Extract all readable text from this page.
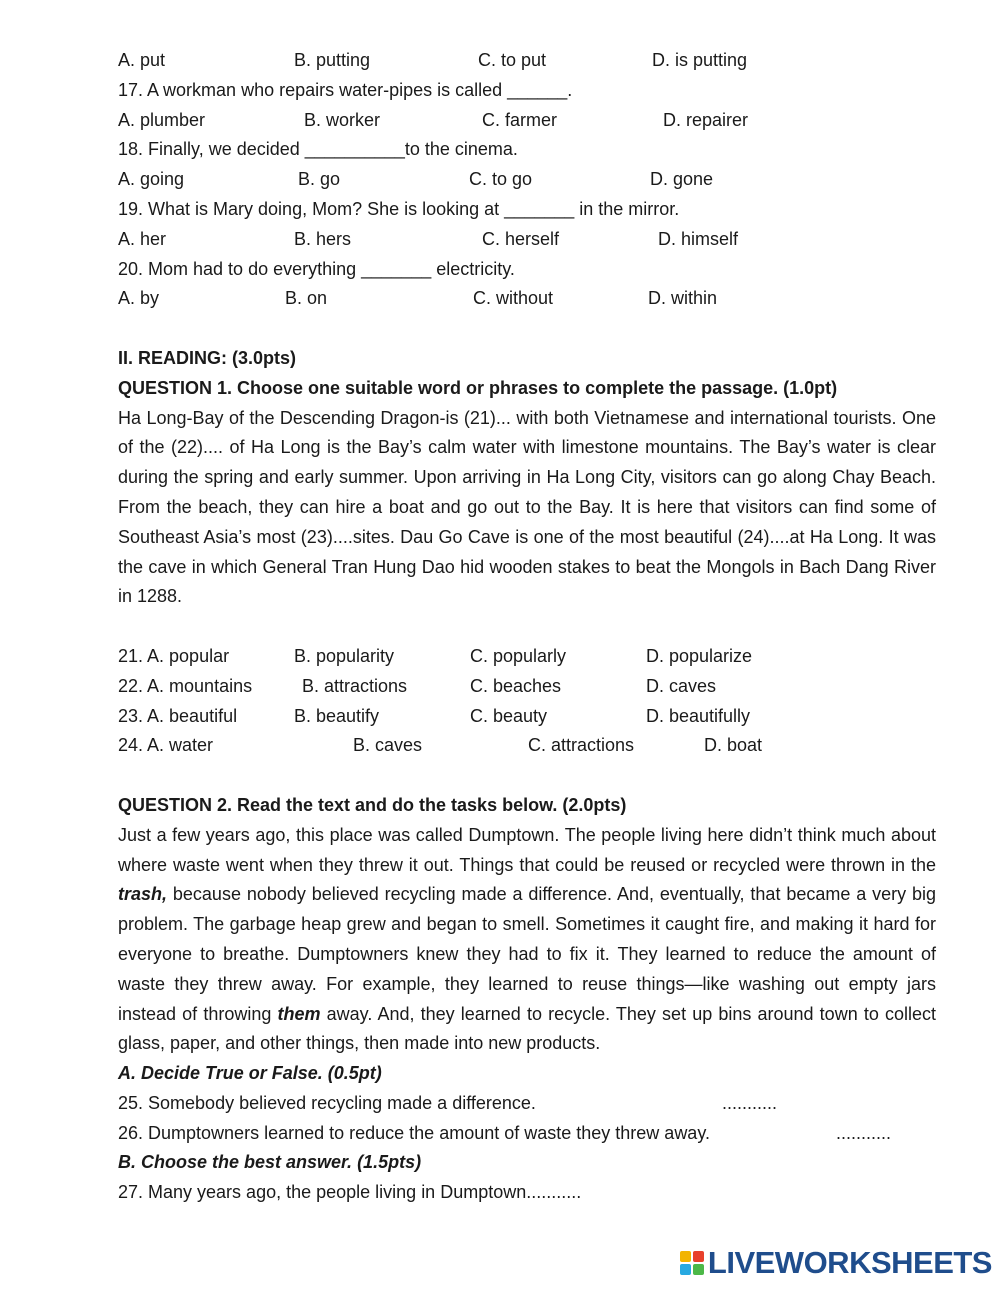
A. put	B. putting	C. to put	D. is putting
17. A workman who repairs water-pipes is called ______.
A. plumber	B. worker	C. farmer	D. repairer
18. Finally, we decided __________to the cinema.
A. going	B. go	C. to go	D. gone
19. What is Mary doing, Mom? She is looking at _______ in the mirror.
A. her	B. hers	C. herself	D. himself
20. Mom had to do everything _______ electricity.
A. by	B. on	C. without	D. within
II. READING: (3.0pts)
QUESTION 1. Choose one suitable word or phrases to complete the passage. (1.0pt)

Ha Long-Bay of the Descending Dragon-is (21)... with both Vietnamese and international tourists. One of the (22).... of Ha Long is the Bay’s calm water with limestone mountains. The Bay’s water is clear during the spring and early summer. Upon arriving in Ha Long City, visitors can go along Chay Beach. From the beach, they can hire a boat and go out to the Bay. It is here that visitors can find some of Southeast Asia’s most (23)....sites. Dau Go Cave is one of the most beautiful (24)....at Ha Long. It was the cave in which General Tran Hung Dao hid wooden stakes to beat the Mongols in Bach Dang River in 1288.

21. A. popular	B. popularity	C. popularly	D. popularize
22. A. mountains	B. attractions	C. beaches	D. caves
23. A. beautiful	B. beautify	C. beauty	D. beautifully
24. A. water	B. caves	C. attractions	D. boat
QUESTION 2. Read the text and do the tasks below. (2.0pts)

Just a few years ago, this place was called Dumptown. The people living here didn’t think much about where waste went when they threw it out. Things that could be reused or recycled were thrown in the trash, because nobody believed recycling made a difference. And, eventually, that became a very big problem. The garbage heap grew and began to smell. Sometimes it caught fire, and making it hard for everyone to breathe. Dumptowners knew they had to fix it. They learned to reduce the amount of waste they threw away. For example, they learned to reuse things—like washing out empty jars instead of throwing them away. And, they learned to recycle. They set up bins around town to collect glass, paper, and other things, then made into new products.

A. Decide True or False. (0.5pt)
25. Somebody believed recycling made a difference.	...........
26. Dumptowners learned to reduce the amount of waste they threw away.	...........
B. Choose the best answer. (1.5pts)
27. Many years ago, the people living in Dumptown...........
LIVEWORKSHEETS
